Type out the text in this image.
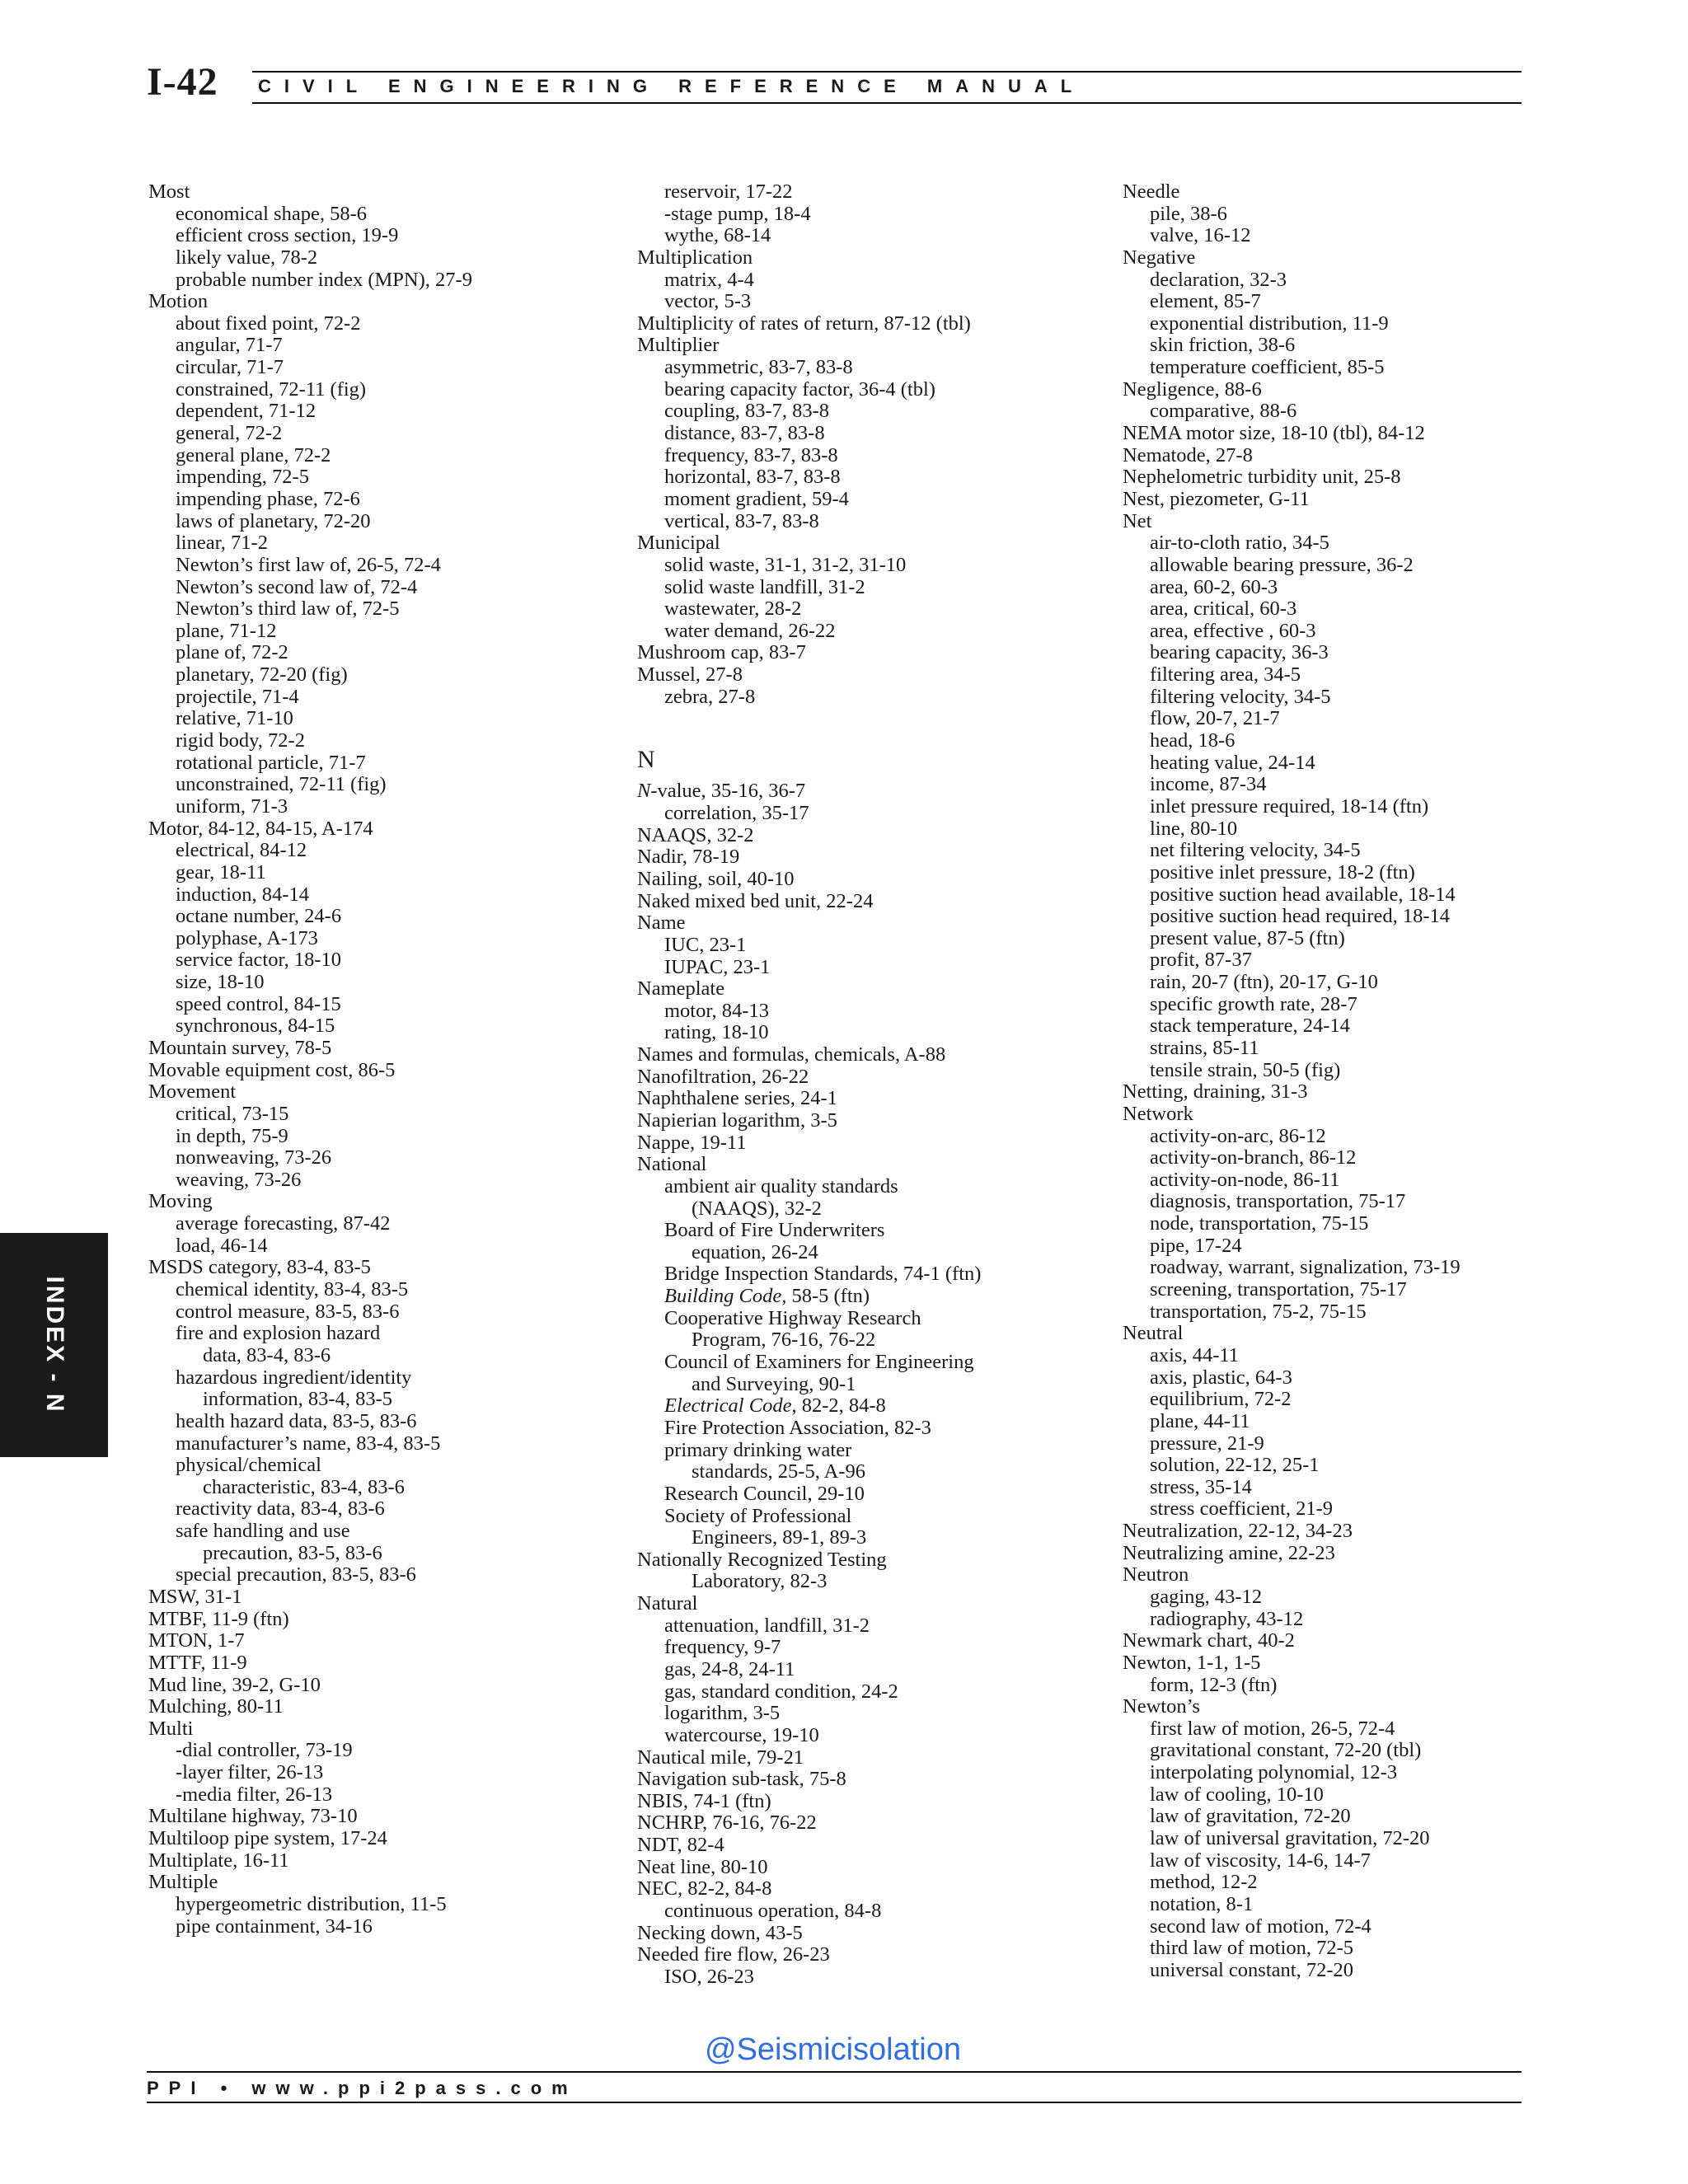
I-42 CIVIL ENGINEERING REFERENCE MANUAL
Most
economical shape, 58-6
efficient cross section, 19-9
likely value, 78-2
probable number index (MPN), 27-9
Motion
about fixed point, 72-2
angular, 71-7
circular, 71-7
constrained, 72-11 (fig)
dependent, 71-12
general, 72-2
general plane, 72-2
impending, 72-5
impending phase, 72-6
laws of planetary, 72-20
linear, 71-2
Newton’s first law of, 26-5, 72-4
Newton’s second law of, 72-4
Newton’s third law of, 72-5
plane, 71-12
plane of, 72-2
planetary, 72-20 (fig)
projectile, 71-4
relative, 71-10
rigid body, 72-2
rotational particle, 71-7
unconstrained, 72-11 (fig)
uniform, 71-3
Motor, 84-12, 84-15, A-174
electrical, 84-12
gear, 18-11
induction, 84-14
octane number, 24-6
polyphase, A-173
service factor, 18-10
size, 18-10
speed control, 84-15
synchronous, 84-15
Mountain survey, 78-5
Movable equipment cost, 86-5
Movement
critical, 73-15
in depth, 75-9
nonweaving, 73-26
weaving, 73-26
Moving
average forecasting, 87-42
load, 46-14
MSDS category, 83-4, 83-5
chemical identity, 83-4, 83-5
control measure, 83-5, 83-6
fire and explosion hazard
data, 83-4, 83-6
hazardous ingredient/identity
information, 83-4, 83-5
health hazard data, 83-5, 83-6
manufacturer’s name, 83-4, 83-5
physical/chemical
characteristic, 83-4, 83-6
reactivity data, 83-4, 83-6
safe handling and use
precaution, 83-5, 83-6
special precaution, 83-5, 83-6
MSW, 31-1
MTBF, 11-9 (ftn)
MTON, 1-7
MTTF, 11-9
Mud line, 39-2, G-10
Mulching, 80-11
Multi
-dial controller, 73-19
-layer filter, 26-13
-media filter, 26-13
Multilane highway, 73-10
Multiloop pipe system, 17-24
Multiplate, 16-11
Multiple
hypergeometric distribution, 11-5
pipe containment, 34-16
reservoir, 17-22
-stage pump, 18-4
wythe, 68-14
Multiplication
matrix, 4-4
vector, 5-3
Multiplicity of rates of return, 87-12 (tbl)
Multiplier
asymmetric, 83-7, 83-8
bearing capacity factor, 36-4 (tbl)
coupling, 83-7, 83-8
distance, 83-7, 83-8
frequency, 83-7, 83-8
horizontal, 83-7, 83-8
moment gradient, 59-4
vertical, 83-7, 83-8
Municipal
solid waste, 31-1, 31-2, 31-10
solid waste landfill, 31-2
wastewater, 28-2
water demand, 26-22
Mushroom cap, 83-7
Mussel, 27-8
zebra, 27-8
N
N-value, 35-16, 36-7
correlation, 35-17
NAAQS, 32-2
Nadir, 78-19
Nailing, soil, 40-10
Naked mixed bed unit, 22-24
Name
IUC, 23-1
IUPAC, 23-1
Nameplate
motor, 84-13
rating, 18-10
Names and formulas, chemicals, A-88
Nanofiltration, 26-22
Naphthalene series, 24-1
Napierian logarithm, 3-5
Nappe, 19-11
National
ambient air quality standards
(NAAQS), 32-2
Board of Fire Underwriters
equation, 26-24
Bridge Inspection Standards, 74-1 (ftn)
Building Code, 58-5 (ftn)
Cooperative Highway Research
Program, 76-16, 76-22
Council of Examiners for Engineering
and Surveying, 90-1
Electrical Code, 82-2, 84-8
Fire Protection Association, 82-3
primary drinking water
standards, 25-5, A-96
Research Council, 29-10
Society of Professional
Engineers, 89-1, 89-3
Nationally Recognized Testing
Laboratory, 82-3
Natural
attenuation, landfill, 31-2
frequency, 9-7
gas, 24-8, 24-11
gas, standard condition, 24-2
logarithm, 3-5
watercourse, 19-10
Nautical mile, 79-21
Navigation sub-task, 75-8
NBIS, 74-1 (ftn)
NCHRP, 76-16, 76-22
NDT, 82-4
Neat line, 80-10
NEC, 82-2, 84-8
continuous operation, 84-8
Necking down, 43-5
Needed fire flow, 26-23
ISO, 26-23
Needle
pile, 38-6
valve, 16-12
Negative
declaration, 32-3
element, 85-7
exponential distribution, 11-9
skin friction, 38-6
temperature coefficient, 85-5
Negligence, 88-6
comparative, 88-6
NEMA motor size, 18-10 (tbl), 84-12
Nematode, 27-8
Nephelometric turbidity unit, 25-8
Nest, piezometer, G-11
Net
air-to-cloth ratio, 34-5
allowable bearing pressure, 36-2
area, 60-2, 60-3
area, critical, 60-3
area, effective , 60-3
bearing capacity, 36-3
filtering area, 34-5
filtering velocity, 34-5
flow, 20-7, 21-7
head, 18-6
heating value, 24-14
income, 87-34
inlet pressure required, 18-14 (ftn)
line, 80-10
net filtering velocity, 34-5
positive inlet pressure, 18-2 (ftn)
positive suction head available, 18-14
positive suction head required, 18-14
present value, 87-5 (ftn)
profit, 87-37
rain, 20-7 (ftn), 20-17, G-10
specific growth rate, 28-7
stack temperature, 24-14
strains, 85-11
tensile strain, 50-5 (fig)
Netting, draining, 31-3
Network
activity-on-arc, 86-12
activity-on-branch, 86-12
activity-on-node, 86-11
diagnosis, transportation, 75-17
node, transportation, 75-15
pipe, 17-24
roadway, warrant, signalization, 73-19
screening, transportation, 75-17
transportation, 75-2, 75-15
Neutral
axis, 44-11
axis, plastic, 64-3
equilibrium, 72-2
plane, 44-11
pressure, 21-9
solution, 22-12, 25-1
stress, 35-14
stress coefficient, 21-9
Neutralization, 22-12, 34-23
Neutralizing amine, 22-23
Neutron
gaging, 43-12
radiography, 43-12
Newmark chart, 40-2
Newton, 1-1, 1-5
form, 12-3 (ftn)
Newton’s
first law of motion, 26-5, 72-4
gravitational constant, 72-20 (tbl)
interpolating polynomial, 12-3
law of cooling, 10-10
law of gravitation, 72-20
law of universal gravitation, 72-20
law of viscosity, 14-6, 14-7
method, 12-2
notation, 8-1
second law of motion, 72-4
third law of motion, 72-5
universal constant, 72-20
INDEX - N
@Seismicisolation
PPI • www.ppi2pass.com
